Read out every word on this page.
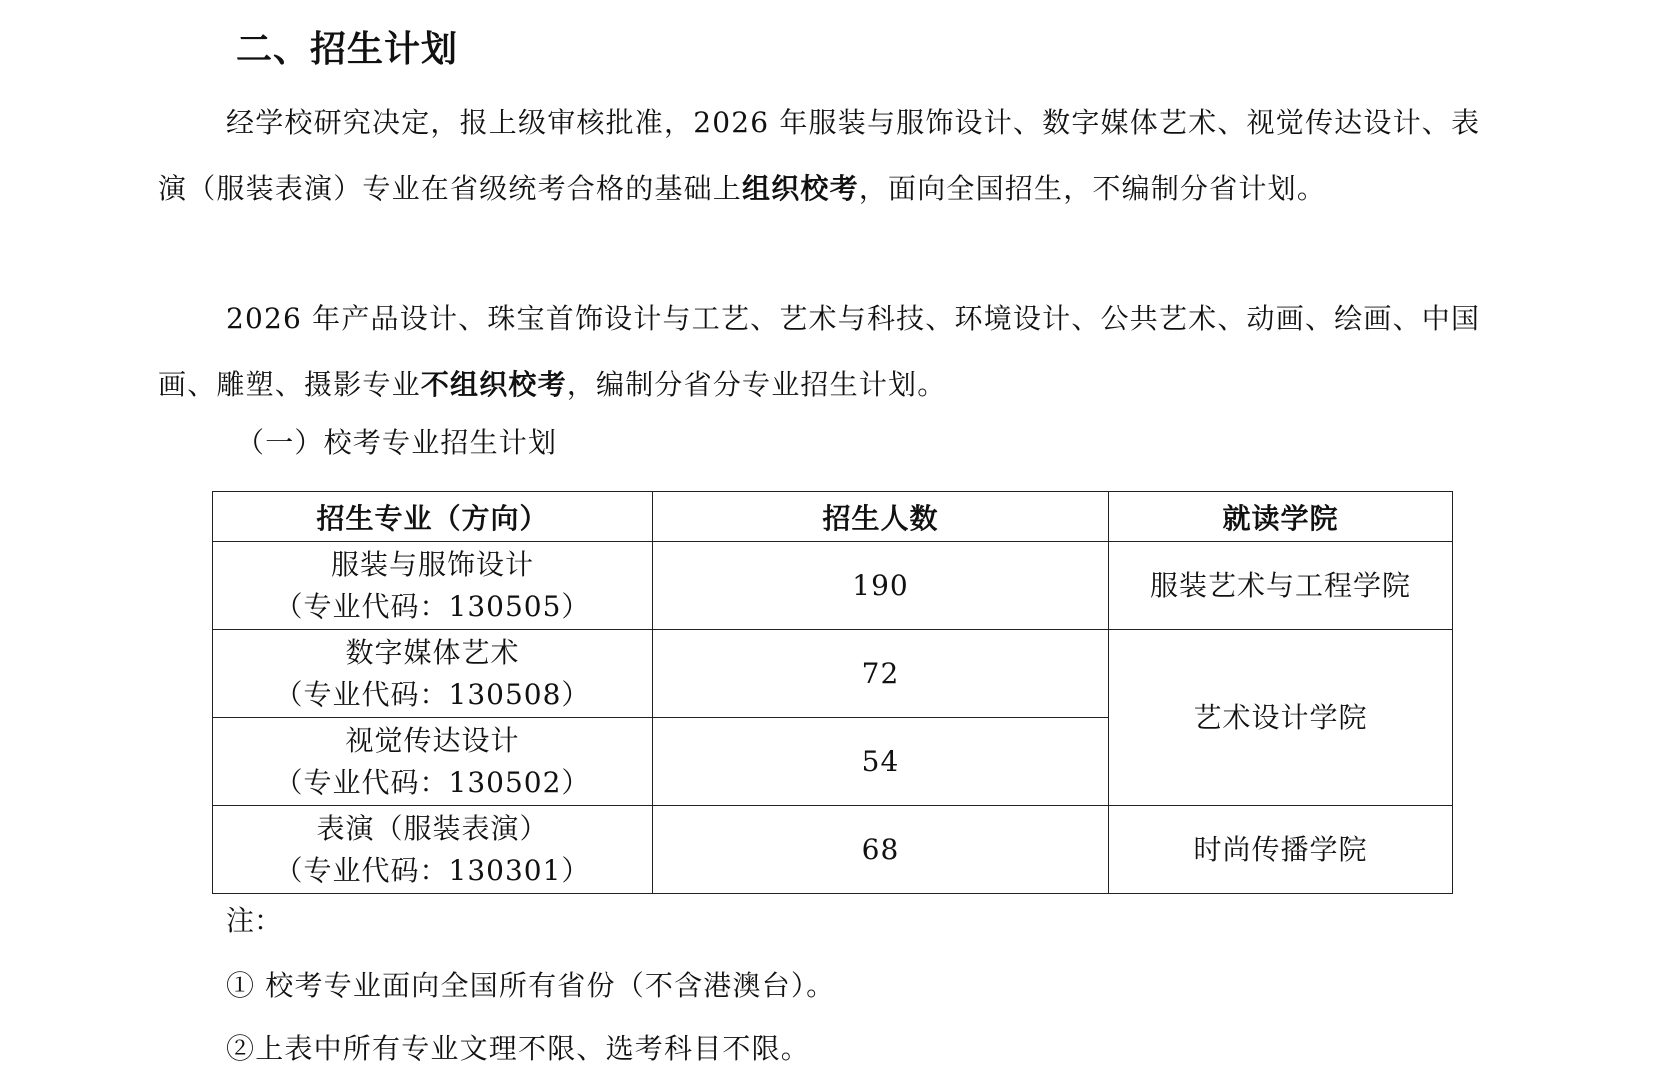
二、招生计划
经学校研究决定，报上级审核批准，2026 年服装与服饰设计、数字媒体艺术、视觉传达设计、表演（服装表演）专业在省级统考合格的基础上组织校考，面向全国招生，不编制分省计划。
2026 年产品设计、珠宝首饰设计与工艺、艺术与科技、环境设计、公共艺术、动画、绘画、中国画、雕塑、摄影专业不组织校考，编制分省分专业招生计划。
（一）校考专业招生计划
招生专业（方向）	招生人数	就读学院

服装与服饰设计
（专业代码：130505）	190	服装艺术与工程学院

数字媒体艺术
（专业代码：130508）	72	艺术设计学院

视觉传达设计
（专业代码：130502）	54	

表演（服装表演）
（专业代码：130301）	68	时尚传播学院
注：
① 校考专业面向全国所有省份（不含港澳台）。
②上表中所有专业文理不限、选考科目不限。
